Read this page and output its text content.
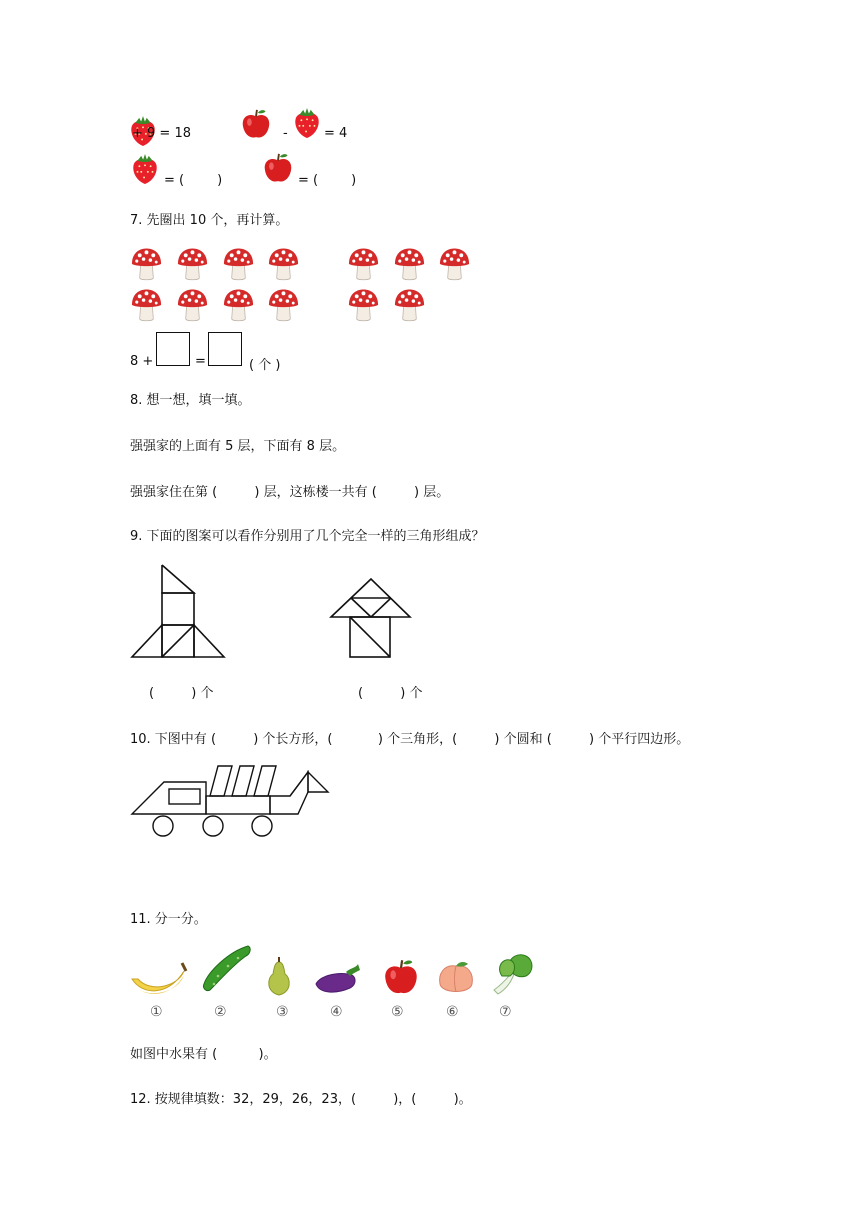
+ 9 = 18	-	= 4
= (        )	= (        )
7. 先圈出 10 个，再计算。
8 +	=	( 个 )
8. 想一想，填一填。
强强家的上面有 5 层，下面有 8 层。
强强家住在第 (         ) 层，这栋楼一共有 (         ) 层。
9. 下面的图案可以看作分别用了几个完全一样的三角形组成？
(         ) 个	(         ) 个
10. 下图中有 (         ) 个长方形，(           ) 个三角形，(         ) 个圆和 (         ) 个平行四边形。
11. 分一分。
①	②	③	④	⑤	⑥	⑦
如图中水果有 (          )。
12. 按规律填数：32，29，26，23，(         )，(         )。
